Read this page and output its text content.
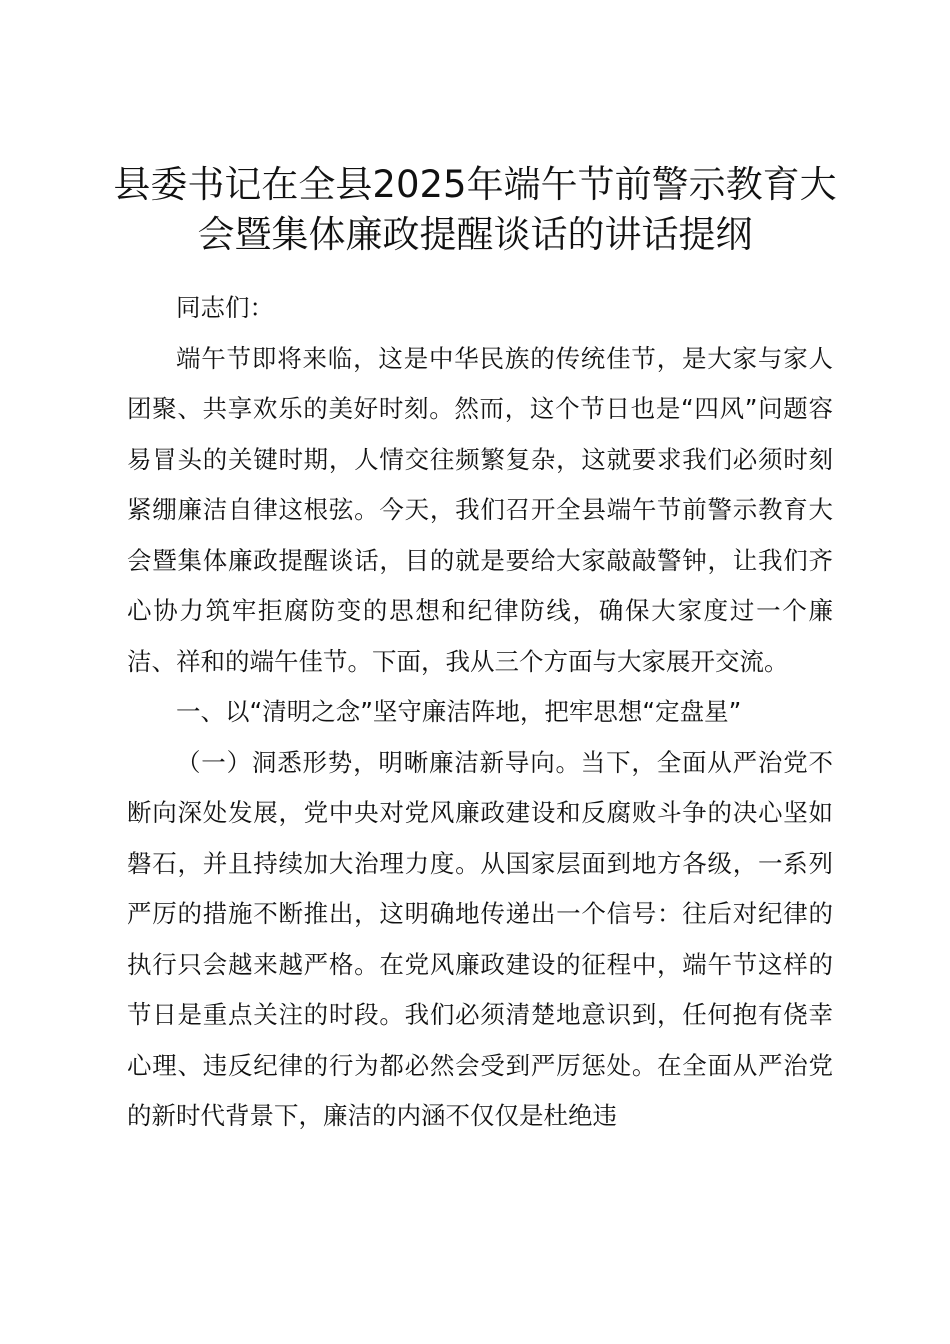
县委书记在全县2025年端午节前警示教育大
会暨集体廉政提醒谈话的讲话提纲

同志们：

端午节即将来临，这是中华民族的传统佳节，是大家与家人团聚、共享欢乐的美好时刻。然而，这个节日也是“四风”问题容易冒头的关键时期，人情交往频繁复杂，这就要求我们必须时刻紧绷廉洁自律这根弦。今天，我们召开全县端午节前警示教育大会暨集体廉政提醒谈话，目的就是要给大家敲敲警钟，让我们齐心协力筑牢拒腐防变的思想和纪律防线，确保大家度过一个廉洁、祥和的端午佳节。下面，我从三个方面与大家展开交流。

一、以“清明之念”坚守廉洁阵地，把牢思想“定盘星”

（一）洞悉形势，明晰廉洁新导向。当下，全面从严治党不断向深处发展，党中央对党风廉政建设和反腐败斗争的决心坚如磐石，并且持续加大治理力度。从国家层面到地方各级，一系列严厉的措施不断推出，这明确地传递出一个信号：往后对纪律的执行只会越来越严格。在党风廉政建设的征程中，端午节这样的节日是重点关注的时段。我们必须清楚地意识到，任何抱有侥幸心理、违反纪律的行为都必然会受到严厉惩处。在全面从严治党的新时代背景下，廉洁的内涵不仅仅是杜绝违
